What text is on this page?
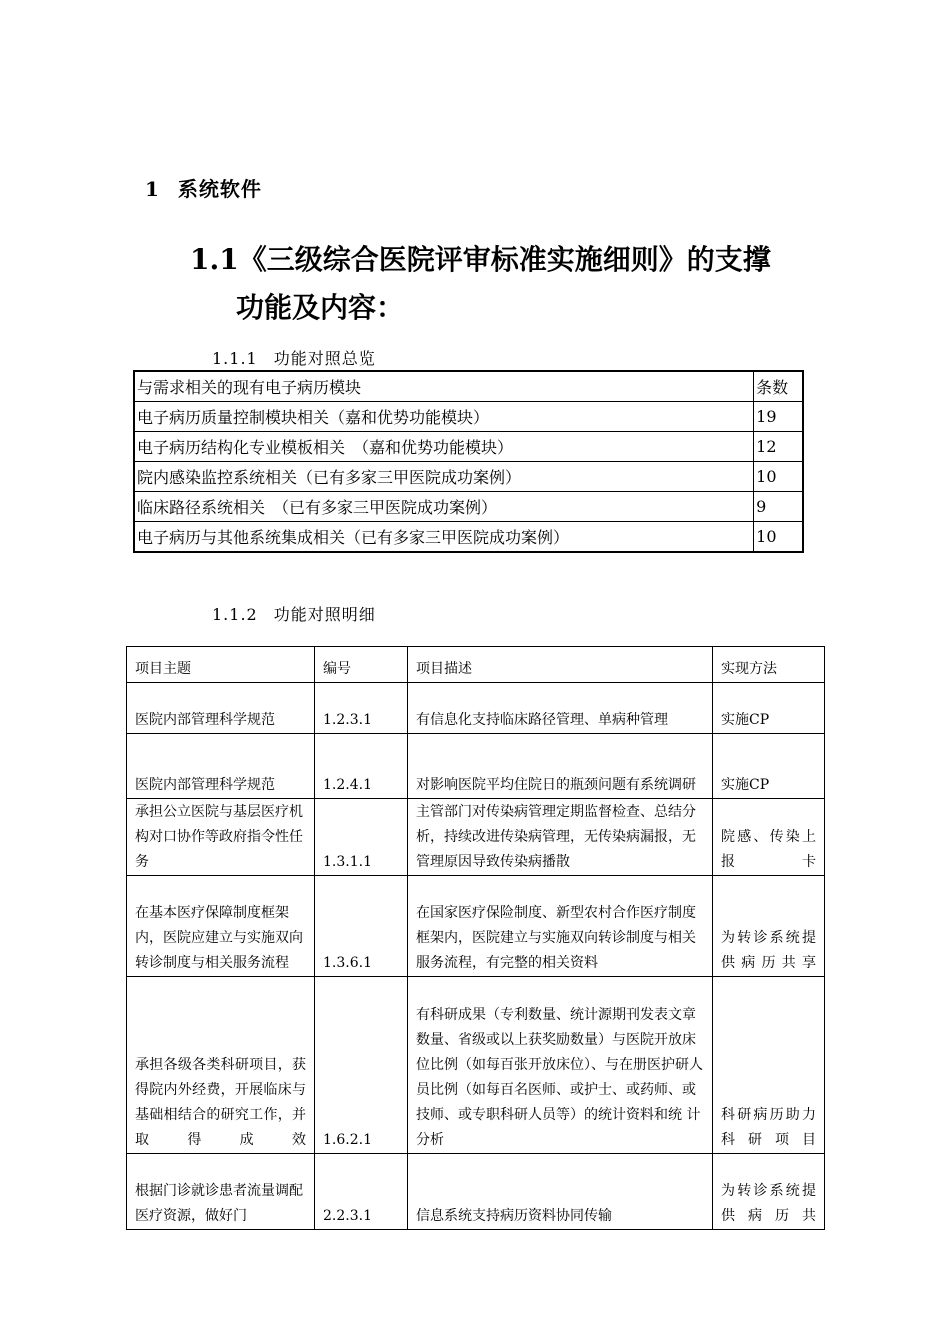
1 系统软件
1.1《三级综合医院评审标准实施细则》的支撑
功能及内容：
1.1.1 功能对照总览
与需求相关的现有电子病历模块	条数
电子病历质量控制模块相关（嘉和优势功能模块）	19
电子病历结构化专业模板相关　（嘉和优势功能模块）	12
院内感染监控系统相关（已有多家三甲医院成功案例）	10
临床路径系统相关　（已有多家三甲医院成功案例）	9
电子病历与其他系统集成相关（已有多家三甲医院成功案例）	10
1.1.2 功能对照明细
项目主题	编号	项目描述	实现方法
医院内部管理科学规范	1.2.3.1	有信息化支持临床路径管理、单病种管理	实施CP
医院内部管理科学规范	1.2.4.1	对影响医院平均住院日的瓶颈问题有系统调研	实施CP
承担公立医院与基层医疗机构对口协作等政府指令性任务	1.3.1.1	主管部门对传染病管理定期监督检查、总结分析，持续改进传染病管理，无传染病漏报，无管理原因导致传染病播散	院感、传染上报卡
在基本医疗保障制度框架内，医院应建立与实施双向转诊制度与相关服务流程	1.3.6.1	在国家医疗保险制度、新型农村合作医疗制度框架内，医院建立与实施双向转诊制度与相关服务流程，有完整的相关资料	为转诊系统提供病历共享
承担各级各类科研项目，获得院内外经费，开展临床与基础相结合的研究工作，并取得成效	1.6.2.1	有科研成果（专利数量、统计源期刊发表文章数量、省级或以上获奖励数量）与医院开放床位比例（如每百张开放床位）、与在册医护研人员比例（如每百名医师、或护士、或药师、或技师、或专职科研人员等）的统计资料和统 计分析	科研病历助力科研项目
根据门诊就诊患者流量调配医疗资源，做好门	2.2.3.1	信息系统支持病历资料协同传输	为转诊系统提供病历共
